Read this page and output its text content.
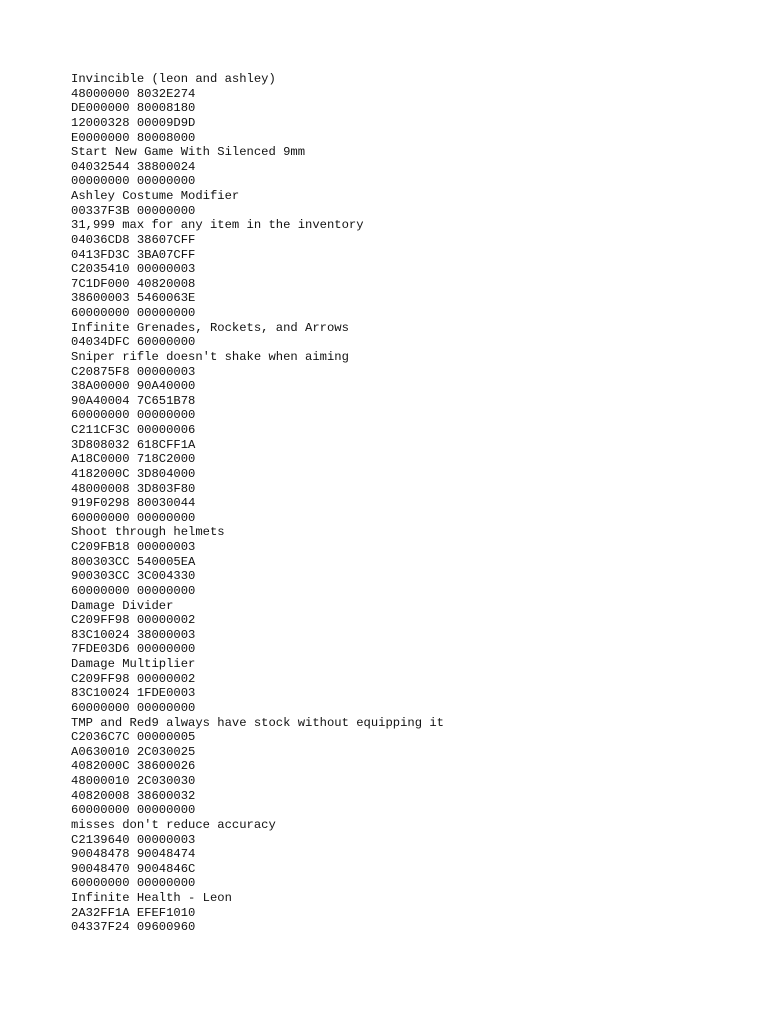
Invincible (leon and ashley)
48000000 8032E274
DE000000 80008180
12000328 00009D9D
E0000000 80008000
Start New Game With Silenced 9mm
04032544 38800024
00000000 00000000
Ashley Costume Modifier
00337F3B 00000000
31,999 max for any item in the inventory
04036CD8 38607CFF
0413FD3C 3BA07CFF
C2035410 00000003
7C1DF000 40820008
38600003 5460063E
60000000 00000000
Infinite Grenades, Rockets, and Arrows
04034DFC 60000000
Sniper rifle doesn't shake when aiming
C20875F8 00000003
38A00000 90A40000
90A40004 7C651B78
60000000 00000000
C211CF3C 00000006
3D808032 618CFF1A
A18C0000 718C2000
4182000C 3D804000
48000008 3D803F80
919F0298 80030044
60000000 00000000
Shoot through helmets
C209FB18 00000003
800303CC 540005EA
900303CC 3C004330
60000000 00000000
Damage Divider
C209FF98 00000002
83C10024 38000003
7FDE03D6 00000000
Damage Multiplier
C209FF98 00000002
83C10024 1FDE0003
60000000 00000000
TMP and Red9 always have stock without equipping it
C2036C7C 00000005
A0630010 2C030025
4082000C 38600026
48000010 2C030030
40820008 38600032
60000000 00000000
misses don't reduce accuracy
C2139640 00000003
90048478 90048474
90048470 9004846C
60000000 00000000
Infinite Health - Leon
2A32FF1A EFEF1010
04337F24 09600960
